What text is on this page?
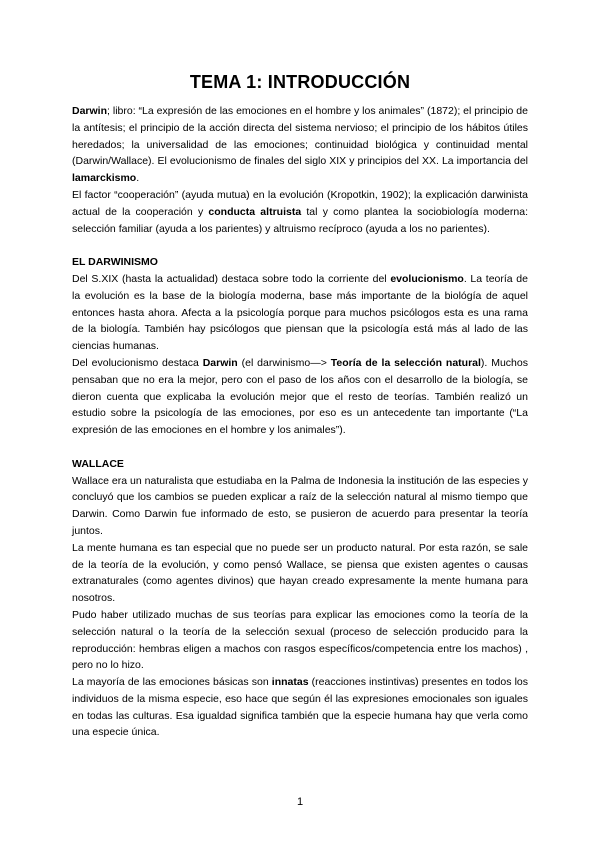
TEMA 1: INTRODUCCIÓN

Darwin; libro: “La expresión de las emociones en el hombre y los animales” (1872); el principio de la antítesis; el principio de la acción directa del sistema nervioso; el principio de los hábitos útiles heredados; la universalidad de las emociones; continuidad biológica y continuidad mental (Darwin/Wallace). El evolucionismo de finales del siglo XIX y principios del XX. La importancia del lamarckismo.

El factor “cooperación” (ayuda mutua) en la evolución (Kropotkin, 1902); la explicación darwinista actual de la cooperación y conducta altruista tal y como plantea la sociobiología moderna: selección familiar (ayuda a los parientes) y altruismo recíproco (ayuda a los no parientes).

EL DARWINISMO

Del S.XIX (hasta la actualidad) destaca sobre todo la corriente del evolucionismo. La teoría de la evolución es la base de la biología moderna, base más importante de la biológía de aquel entonces hasta ahora. Afecta a la psicología porque para muchos psicólogos esta es una rama de la biología. También hay psicólogos que piensan que la psicología está más al lado de las ciencias humanas.

Del evolucionismo destaca Darwin (el darwinismo—> Teoría de la selección natural). Muchos pensaban que no era la mejor, pero con el paso de los años con el desarrollo de la biología, se dieron cuenta que explicaba la evolución mejor que el resto de teorías. También realizó un estudio sobre la psicología de las emociones, por eso es un antecedente tan importante (“La expresión de las emociones en el hombre y los animales”).

WALLACE

Wallace era un naturalista que estudiaba en la Palma de Indonesia la institución de las especies y concluyó que los cambios se pueden explicar a raíz de la selección natural al mismo tiempo que Darwin. Como Darwin fue informado de esto, se pusieron de acuerdo para presentar la teoría juntos.

La mente humana es tan especial que no puede ser un producto natural. Por esta razón, se sale de la teoría de la evolución, y como pensó Wallace, se piensa que existen agentes o causas extranaturales (como agentes divinos) que hayan creado expresamente la mente humana para nosotros.

Pudo haber utilizado muchas de sus teorías para explicar las emociones como la teoría de la selección natural o la teoría de la selección sexual (proceso de selección producido para la reproducción: hembras eligen a machos con rasgos específicos/competencia entre los machos) , pero no lo hizo.

La mayoría de las emociones básicas son innatas (reacciones instintivas) presentes en todos los individuos de la misma especie, eso hace que según él las expresiones emocionales son iguales en todas las culturas. Esa igualdad significa también que la especie humana hay que verla como una especie única.

1
